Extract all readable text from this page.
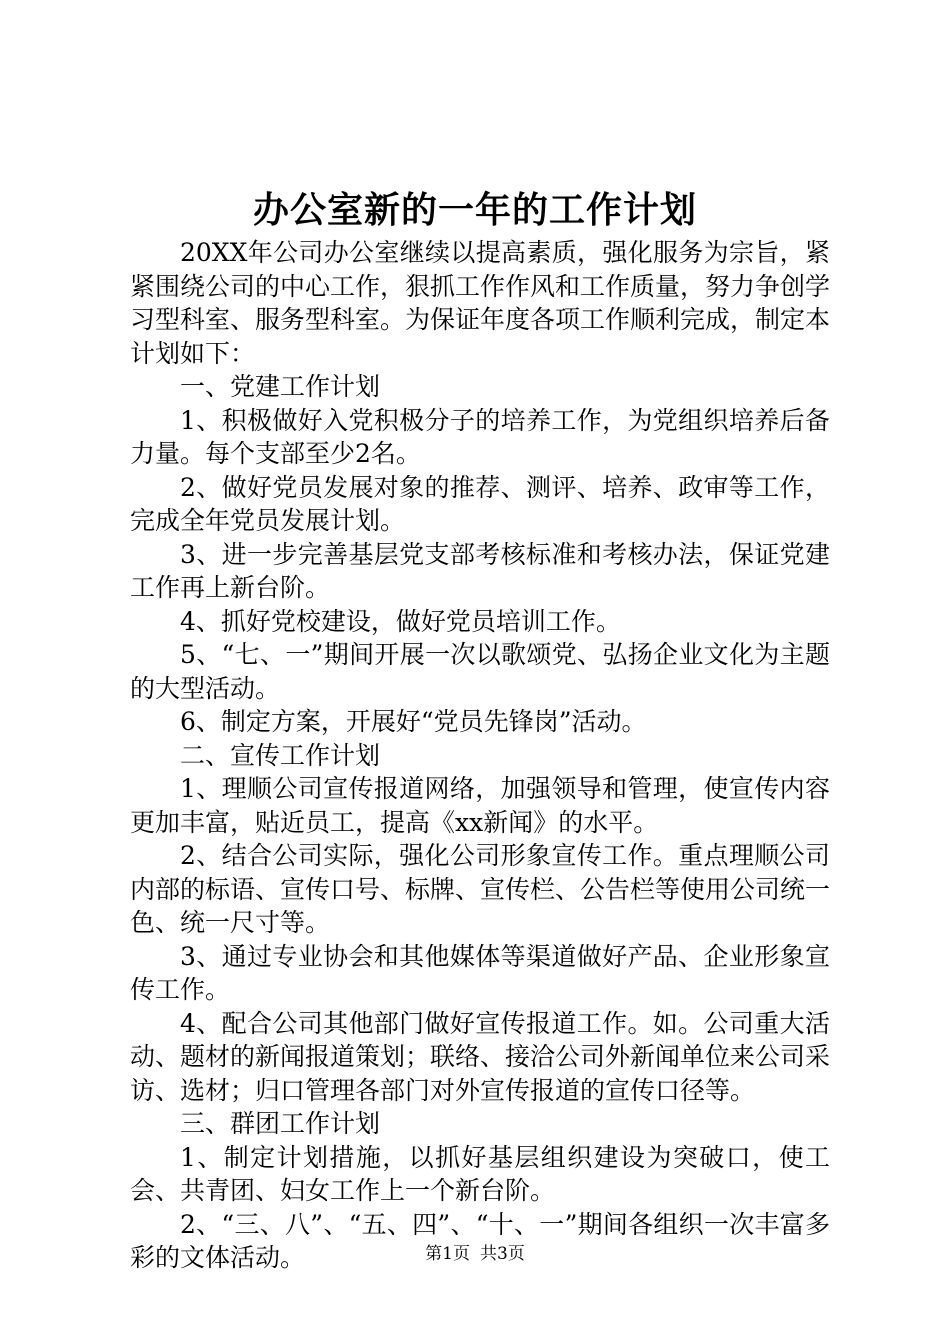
办公室新的一年的工作计划

20XX年公司办公室继续以提高素质，强化服务为宗旨，紧紧围绕公司的中心工作，狠抓工作作风和工作质量，努力争创学习型科室、服务型科室。为保证年度各项工作顺利完成，制定本计划如下：

一、党建工作计划

1、积极做好入党积极分子的培养工作，为党组织培养后备力量。每个支部至少2名。

2、做好党员发展对象的推荐、测评、培养、政审等工作，完成全年党员发展计划。

3、进一步完善基层党支部考核标准和考核办法，保证党建工作再上新台阶。

4、抓好党校建设，做好党员培训工作。

5、“七、一”期间开展一次以歌颂党、弘扬企业文化为主题的大型活动。

6、制定方案，开展好“党员先锋岗”活动。

二、宣传工作计划

1、理顺公司宣传报道网络，加强领导和管理，使宣传内容更加丰富，贴近员工，提高《xx新闻》的水平。

2、结合公司实际，强化公司形象宣传工作。重点理顺公司内部的标语、宣传口号、标牌、宣传栏、公告栏等使用公司统一色、统一尺寸等。

3、通过专业协会和其他媒体等渠道做好产品、企业形象宣传工作。

4、配合公司其他部门做好宣传报道工作。如。公司重大活动、题材的新闻报道策划；联络、接洽公司外新闻单位来公司采访、选材；归口管理各部门对外宣传报道的宣传口径等。

三、群团工作计划

1、制定计划措施，以抓好基层组织建设为突破口，使工会、共青团、妇女工作上一个新台阶。

2、“三、八”、“五、四”、“十、一”期间各组织一次丰富多彩的文体活动。	第1页 共3页
